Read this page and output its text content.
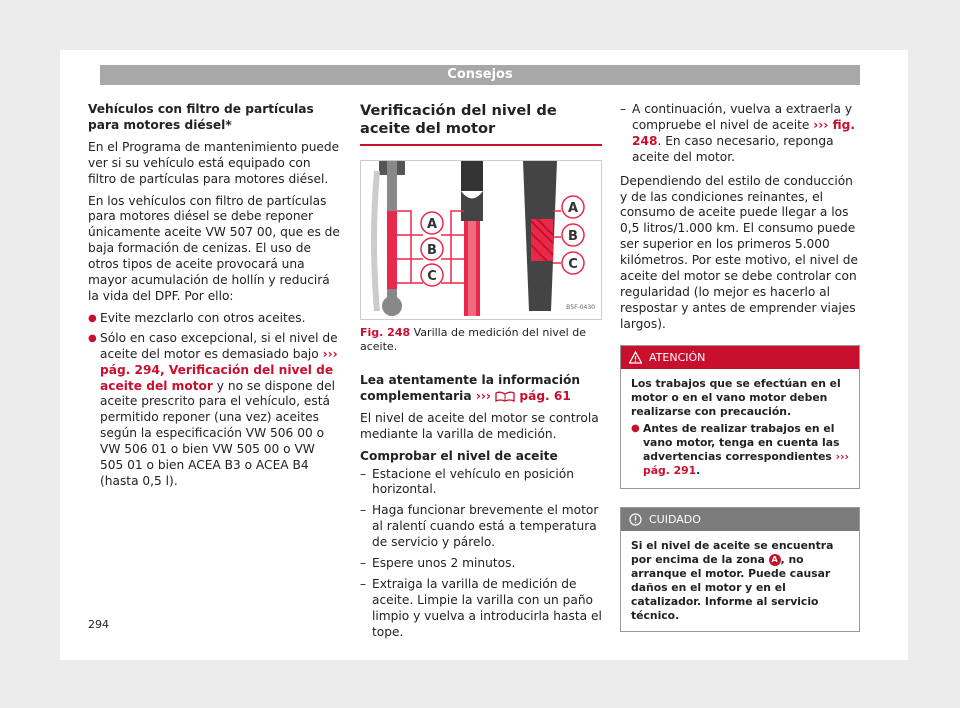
Consejos

Vehículos con filtro de partículas para motores diésel*

En el Programa de mantenimiento puede ver si su vehículo está equipado con filtro de partículas para motores diésel.

En los vehículos con filtro de partículas para motores diésel se debe reponer únicamente aceite VW 507 00, que es de baja formación de cenizas. El uso de otros tipos de aceite provocará una mayor acumulación de hollín y reducirá la vida del DPF. Por ello:

● Evite mezclarlo con otros aceites.
● Sólo en caso excepcional, si el nivel de aceite del motor es demasiado bajo ››› pág. 294, Verificación del nivel de aceite del motor y no se dispone del aceite prescrito para el vehículo, está permitido reponer (una vez) aceites según la especificación VW 506 00 o VW 506 01 o bien VW 505 00 o VW 505 01 o bien ACEA B3 o ACEA B4 (hasta 0,5 l).
Verificación del nivel de aceite del motor
A
B
C
A
B
C
B5F-0430
Fig. 248 Varilla de medición del nivel de aceite.

Lea atentamente la información complementaria ›››  pág. 61

El nivel de aceite del motor se controla mediante la varilla de medición.

Comprobar el nivel de aceite

– Estacione el vehículo en posición horizontal.
– Haga funcionar brevemente el motor al ralentí cuando está a temperatura de servicio y párelo.
– Espere unos 2 minutos.
– Extraiga la varilla de medición de aceite. Limpie la varilla con un paño limpio y vuelva a introducirla hasta el tope.
– A continuación, vuelva a extraerla y compruebe el nivel de aceite ››› fig. 248. En caso necesario, reponga aceite del motor.

Dependiendo del estilo de conducción y de las condiciones reinantes, el consumo de aceite puede llegar a los 0,5 litros/1.000 km. El consumo puede ser superior en los primeros 5.000 kilómetros. Por este motivo, el nivel de aceite del motor se debe controlar con regularidad (lo mejor es hacerlo al respostar y antes de emprender viajes largos).

ATENCIÓN

Los trabajos que se efectúan en el motor o en el vano motor deben realizarse con precaución.

● Antes de realizar trabajos en el vano motor, tenga en cuenta las advertencias correspondientes ››› pág. 291.
CUIDADO
Si el nivel de aceite se encuentra por encima de la zona A , no arranque el motor. Puede causar daños en el motor y en el catalizador. Informe al servicio técnico.
294
